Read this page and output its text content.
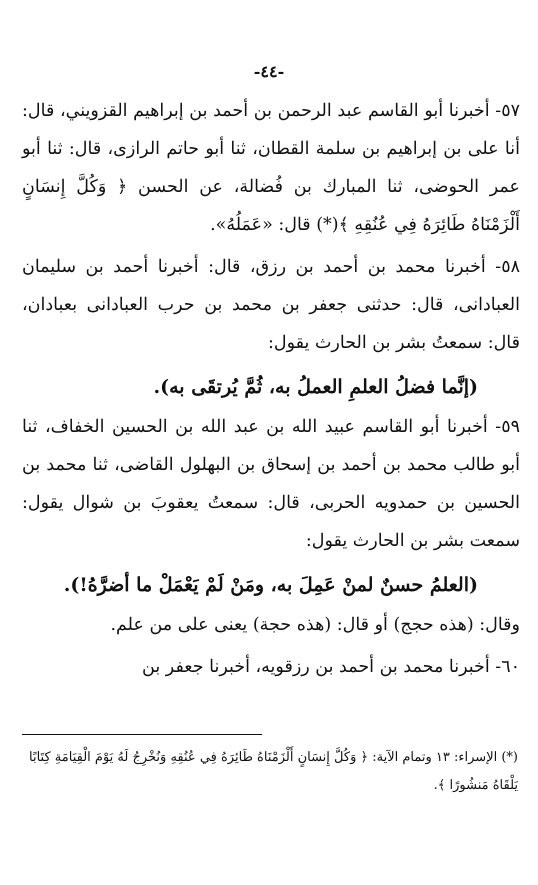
-٤٤-

٥٧- أخبرنا أبو القاسم عبد الرحمن بن أحمد بن إبراهيم القزويني، قال: أنا على بن إبراهيم بن سلمة القطان، ثنا أبو حاتم الرازى، قال: ثنا أبو عمر الحوضى، ثنا المبارك بن فُضالة، عن الحسن ﴿ وَكُلَّ إِنسَانٍ أَلْزَمْنَاهُ طَائِرَهُ فِي عُنُقِهِ ﴾(*) قال: «عَمَلُهُ».

٥٨- أخبرنا محمد بن أحمد بن رزق، قال: أخبرنا أحمد بن سليمان العبادانى، قال: حدثنى جعفر بن محمد بن حرب العبادانى بعبادان، قال: سمعتُ بشر بن الحارث يقول:

(إنَّما فضلُ العلمِ العملُ به، ثُمَّ يُرتقَى به).

٥٩- أخبرنا أبو القاسم عبيد الله بن عبد الله بن الحسين الخفاف، ثنا أبو طالب محمد بن أحمد بن إسحاق بن البهلول القاضى، ثنا محمد بن الحسين بن حمدويه الحربى، قال: سمعتُ يعقوبَ بن شوال يقول: سمعت بشر بن الحارث يقول:

(العلمُ حسنٌ لمنْ عَمِلَ به، ومَنْ لَمْ يَعْمَلْ ما أضرَّهُ!).

وقال: (هذه حجج) أو قال: (هذه حجة) يعنى على من علم.

٦٠- أخبرنا محمد بن أحمد بن رزقويه، أخبرنا جعفر بن

(*) الإسراء: ١٣ وتمام الآية: ﴿ وَكُلَّ إِنسَانٍ أَلْزَمْنَاهُ طَائِرَهُ فِي عُنُقِهِ وَنُخْرِجُ لَهُ يَوْمَ الْقِيَامَةِ كِتَابًا يَلْقَاهُ مَنشُورًا ﴾.
